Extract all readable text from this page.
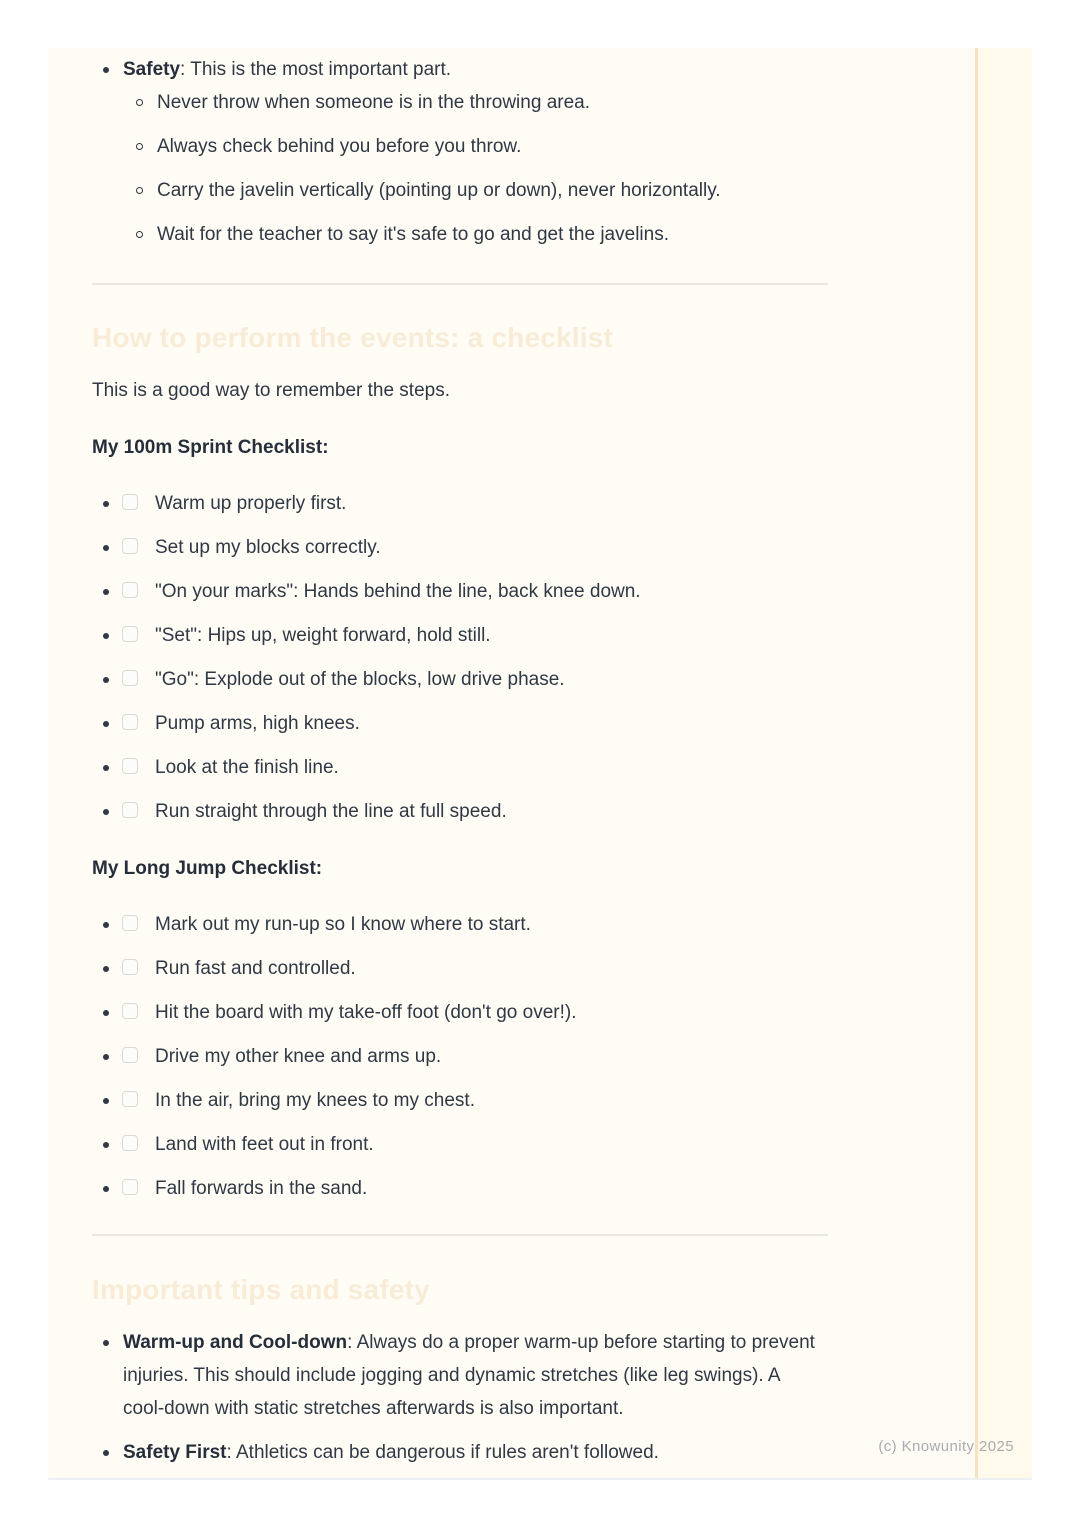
Safety: This is the most important part.
Never throw when someone is in the throwing area.
Always check behind you before you throw.
Carry the javelin vertically (pointing up or down), never horizontally.
Wait for the teacher to say it's safe to go and get the javelins.
How to perform the events: a checklist

This is a good way to remember the steps.

My 100m Sprint Checklist:

Warm up properly first.
Set up my blocks correctly.
"On your marks": Hands behind the line, back knee down.
"Set": Hips up, weight forward, hold still.
"Go": Explode out of the blocks, low drive phase.
Pump arms, high knees.
Look at the finish line.
Run straight through the line at full speed.

My Long Jump Checklist:

Mark out my run-up so I know where to start.
Run fast and controlled.
Hit the board with my take-off foot (don't go over!).
Drive my other knee and arms up.
In the air, bring my knees to my chest.
Land with feet out in front.
Fall forwards in the sand.
Important tips and safety
Warm-up and Cool-down: Always do a proper warm-up before starting to prevent injuries. This should include jogging and dynamic stretches (like leg swings). A cool-down with static stretches afterwards is also important.
Safety First: Athletics can be dangerous if rules aren't followed.	(c) Knowunity 2025
